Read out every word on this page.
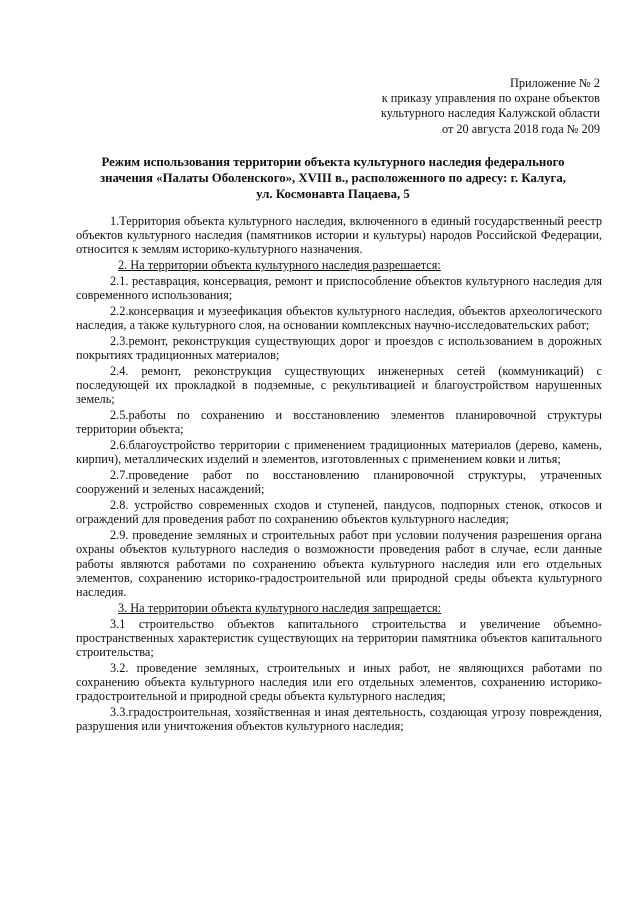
Приложение № 2
к приказу управления по охране объектов
культурного наследия Калужской области
от 20 августа 2018 года № 209
Режим использования территории объекта культурного наследия федерального
значения «Палаты Оболенского», XVIII в., расположенного по адресу: г. Калуга,
ул. Космонавта Пацаева, 5

1.Территория объекта культурного наследия, включенного в единый государственный реестр объектов культурного наследия (памятников истории и культуры) народов Российской Федерации, относится к землям историко-культурного назначения.

2. На территории объекта культурного наследия разрешается:

2.1. реставрация, консервация, ремонт и приспособление объектов культурного наследия для современного использования;

2.2.консервация и музеефикация объектов культурного наследия, объектов археологического наследия, а также культурного слоя, на основании комплексных научно-исследовательских работ;

2.3.ремонт, реконструкция существующих дорог и проездов с использованием в дорожных покрытиях традиционных материалов;

2.4. ремонт, реконструкция существующих инженерных сетей (коммуникаций) с последующей их прокладкой в подземные, с рекультивацией и благоустройством нарушенных земель;

2.5.работы по сохранению и восстановлению элементов планировочной структуры территории объекта;

2.6.благоустройство территории с применением традиционных материалов (дерево, камень, кирпич), металлических изделий и элементов, изготовленных с применением ковки и литья;

2.7.проведение работ по восстановлению планировочной структуры, утраченных сооружений и зеленых насаждений;

2.8. устройство современных сходов и ступеней, пандусов, подпорных стенок, откосов и ограждений для проведения работ по сохранению объектов культурного наследия;

2.9. проведение земляных и строительных работ при условии получения разрешения органа охраны объектов культурного наследия о возможности проведения работ в случае, если данные работы являются работами по сохранению объекта культурного наследия или его отдельных элементов, сохранению историко-градостроительной или природной среды объекта культурного наследия.

3. На территории объекта культурного наследия запрещается:

3.1 строительство объектов капитального строительства и увеличение объемно-пространственных характеристик существующих на территории памятника объектов капитального строительства;

3.2. проведение земляных, строительных и иных работ, не являющихся работами по сохранению объекта культурного наследия или его отдельных элементов, сохранению историко-градостроительной и природной среды объекта культурного наследия;

3.3.градостроительная, хозяйственная и иная деятельность, создающая угрозу повреждения, разрушения или уничтожения объектов культурного наследия;
